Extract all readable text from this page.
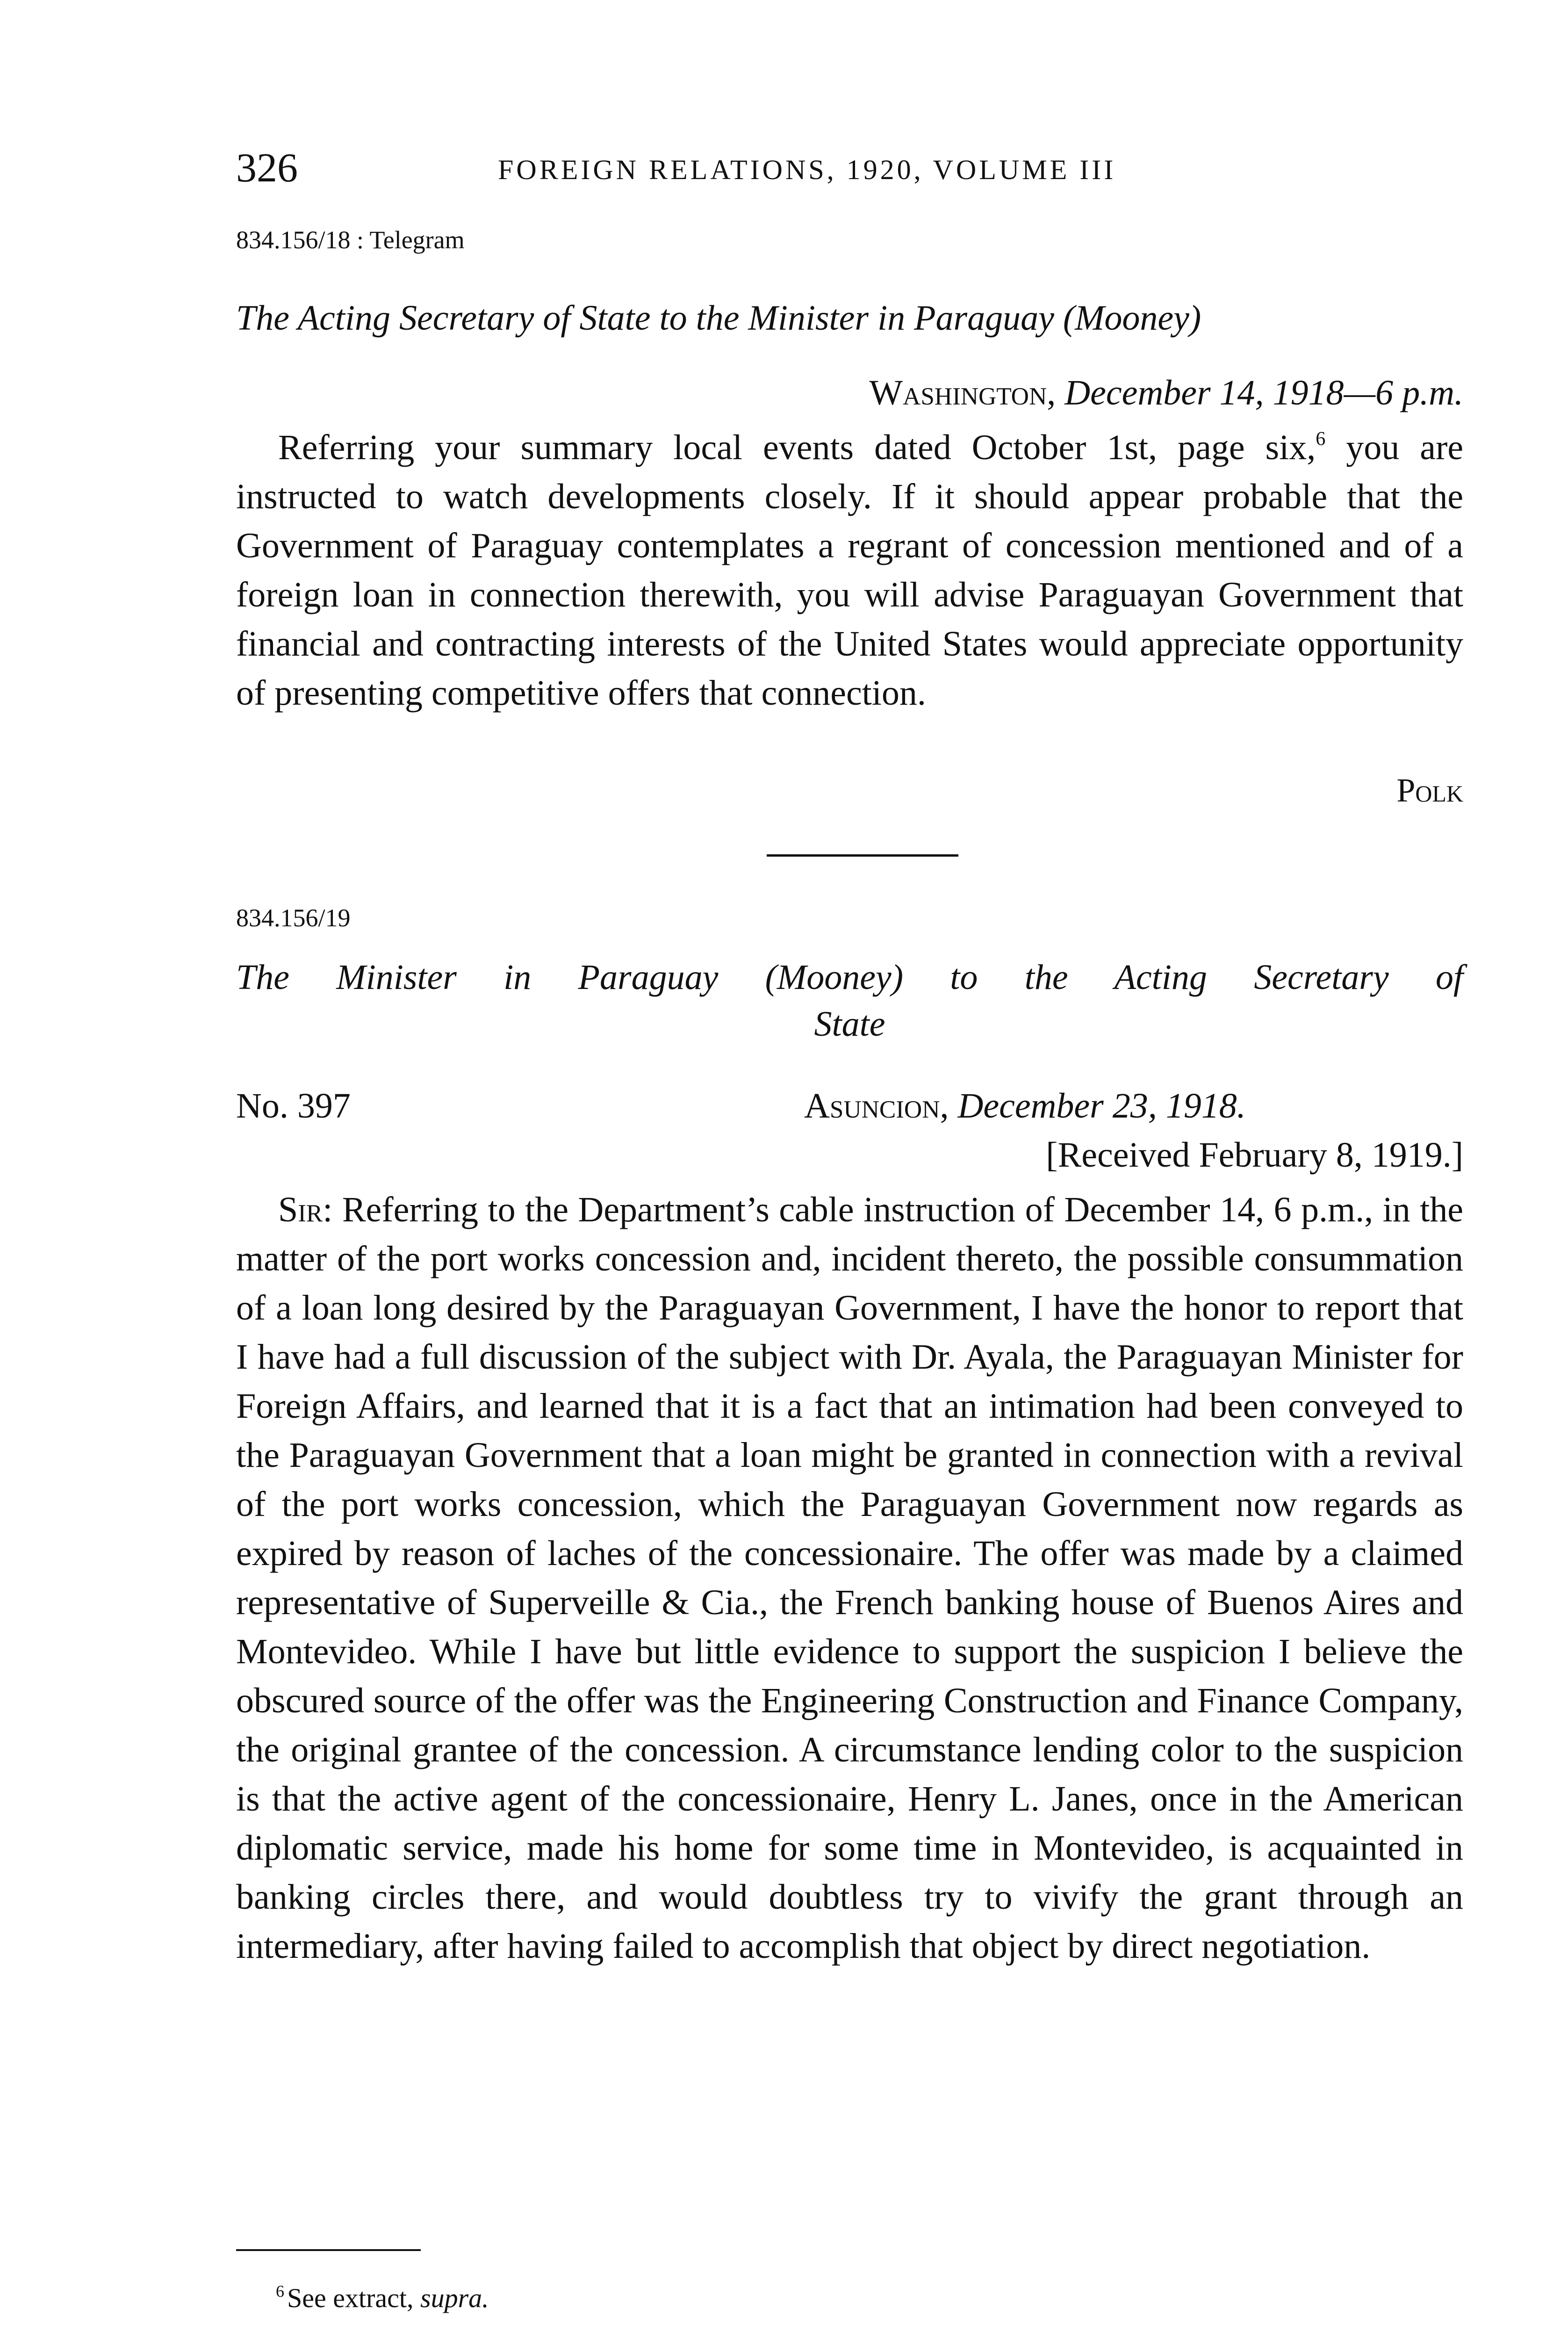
326	FOREIGN RELATIONS, 1920, VOLUME III
834.156/18 : Telegram
The Acting Secretary of State to the Minister in Paraguay (Mooney)
Washington, December 14, 1918—6 p.m.
Referring your summary local events dated October 1st, page six,$^6$ you are instructed to watch developments closely. If it should appear probable that the Government of Paraguay contemplates a regrant of concession mentioned and of a foreign loan in connection therewith, you will advise Paraguayan Government that financial and contracting interests of the United States would appreciate opportunity of presenting competitive offers that connection.
Polk
834.156/19
The Minister in Paraguay (Mooney) to the Acting Secretary of
State
No. 397	Asuncion, December 23, 1918.
[Received February 8, 1919.]
Sir: Referring to the Department’s cable instruction of December 14, 6 p.m., in the matter of the port works concession and, incident thereto, the possible consummation of a loan long desired by the Paraguayan Government, I have the honor to report that I have had a full discussion of the subject with Dr. Ayala, the Paraguayan Minister for Foreign Affairs, and learned that it is a fact that an intimation had been conveyed to the Paraguayan Government that a loan might be granted in connection with a revival of the port works concession, which the Paraguayan Government now regards as expired by reason of laches of the concessionaire. The offer was made by a claimed representative of Superveille & Cia., the French banking house of Buenos Aires and Montevideo. While I have but little evidence to support the suspicion I believe the obscured source of the offer was the Engineering Construction and Finance Company, the original grantee of the concession. A circumstance lending color to the suspicion is that the active agent of the concessionaire, Henry L. Janes, once in the American diplomatic service, made his home for some time in Montevideo, is acquainted in banking circles there, and would doubtless try to vivify the grant through an intermediary, after having failed to accomplish that object by direct negotiation.
$^6$ See extract, supra.
